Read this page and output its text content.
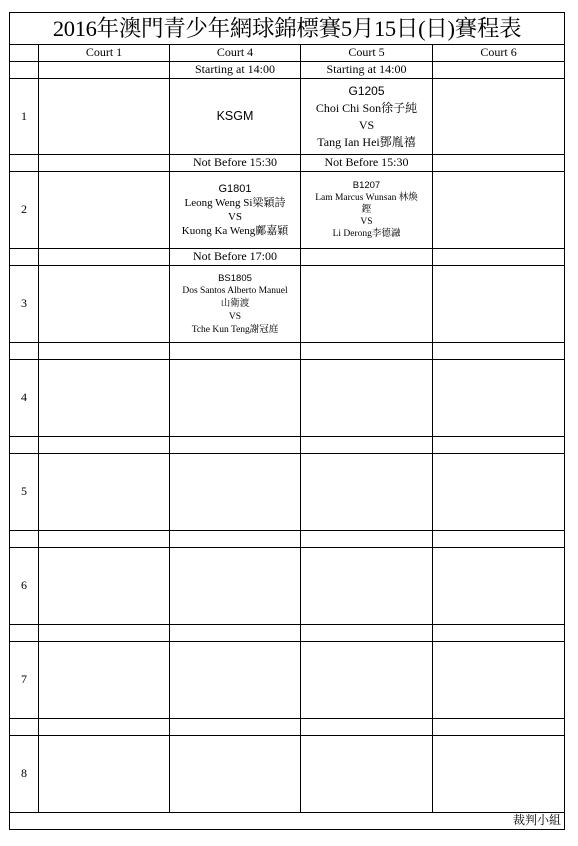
2016年澳門青少年網球錦標賽5月15日(日)賽程表				
	Court 1	Court 4	Court 5	Court 6
		Starting at 14:00	Starting at 14:00	
1		KSGM	G1205
Choi Chi Son徐子純
VS
Tang Ian Hei鄧胤禧	

		Not Before 15:30	Not Before 15:30	
2		G1801
Leong Weng Si梁穎詩
VS
Kuong Ka Weng鄺嘉穎	B1207
Lam Marcus Wunsan 林煥
鏗
VS
Li Derong李德瀜	

		Not Before 17:00		
3		BS1805
Dos Santos Alberto Manuel
山衛渡
VS
Tche Kun Teng謝冠庭		

4				

5				

6				

7				

8				
裁判小組				
